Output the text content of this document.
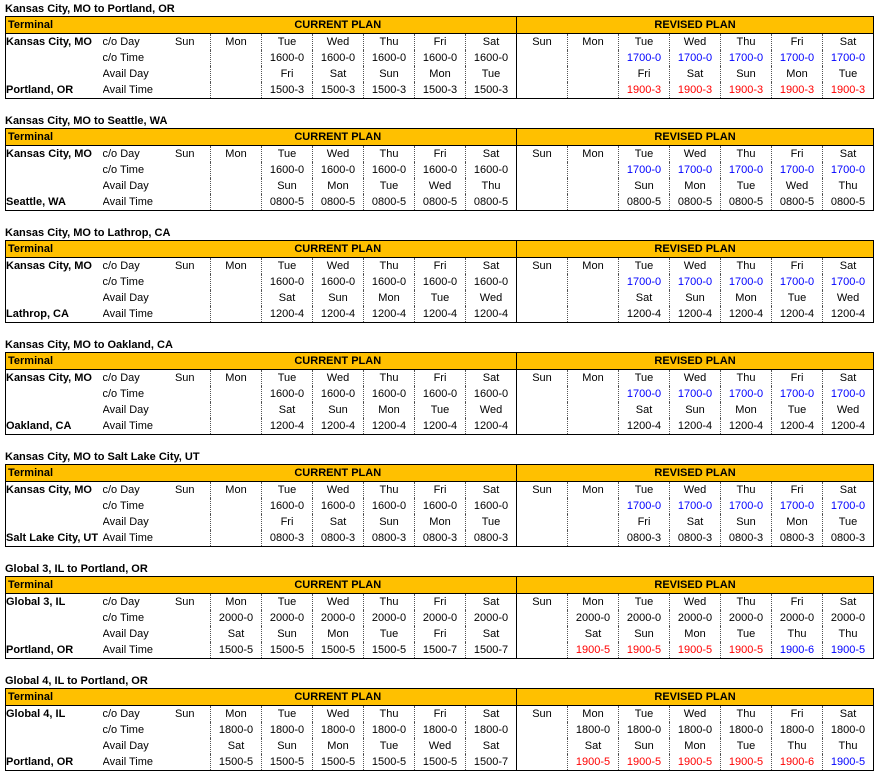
Kansas City, MO to Portland, OR
Terminal		CURRENT PLAN							REVISED PLAN						
Kansas City, MO	c/o Day	Sun	Mon	Tue	Wed	Thu	Fri	Sat	Sun	Mon	Tue	Wed	Thu	Fri	Sat
	c/o Time			1600-0	1600-0	1600-0	1600-0	1600-0			1700-0	1700-0	1700-0	1700-0	1700-0
	Avail Day			Fri	Sat	Sun	Mon	Tue			Fri	Sat	Sun	Mon	Tue
Portland, OR	Avail Time			1500-3	1500-3	1500-3	1500-3	1500-3			1900-3	1900-3	1900-3	1900-3	1900-3
Kansas City, MO to Seattle, WA
Terminal		CURRENT PLAN							REVISED PLAN						
Kansas City, MO	c/o Day	Sun	Mon	Tue	Wed	Thu	Fri	Sat	Sun	Mon	Tue	Wed	Thu	Fri	Sat
	c/o Time			1600-0	1600-0	1600-0	1600-0	1600-0			1700-0	1700-0	1700-0	1700-0	1700-0
	Avail Day			Sun	Mon	Tue	Wed	Thu			Sun	Mon	Tue	Wed	Thu
Seattle, WA	Avail Time			0800-5	0800-5	0800-5	0800-5	0800-5			0800-5	0800-5	0800-5	0800-5	0800-5
Kansas City, MO to Lathrop, CA
Terminal		CURRENT PLAN							REVISED PLAN						
Kansas City, MO	c/o Day	Sun	Mon	Tue	Wed	Thu	Fri	Sat	Sun	Mon	Tue	Wed	Thu	Fri	Sat
	c/o Time			1600-0	1600-0	1600-0	1600-0	1600-0			1700-0	1700-0	1700-0	1700-0	1700-0
	Avail Day			Sat	Sun	Mon	Tue	Wed			Sat	Sun	Mon	Tue	Wed
Lathrop, CA	Avail Time			1200-4	1200-4	1200-4	1200-4	1200-4			1200-4	1200-4	1200-4	1200-4	1200-4
Kansas City, MO to Oakland, CA
Terminal		CURRENT PLAN							REVISED PLAN						
Kansas City, MO	c/o Day	Sun	Mon	Tue	Wed	Thu	Fri	Sat	Sun	Mon	Tue	Wed	Thu	Fri	Sat
	c/o Time			1600-0	1600-0	1600-0	1600-0	1600-0			1700-0	1700-0	1700-0	1700-0	1700-0
	Avail Day			Sat	Sun	Mon	Tue	Wed			Sat	Sun	Mon	Tue	Wed
Oakland, CA	Avail Time			1200-4	1200-4	1200-4	1200-4	1200-4			1200-4	1200-4	1200-4	1200-4	1200-4
Kansas City, MO to Salt Lake City, UT
Terminal		CURRENT PLAN							REVISED PLAN						
Kansas City, MO	c/o Day	Sun	Mon	Tue	Wed	Thu	Fri	Sat	Sun	Mon	Tue	Wed	Thu	Fri	Sat
	c/o Time			1600-0	1600-0	1600-0	1600-0	1600-0			1700-0	1700-0	1700-0	1700-0	1700-0
	Avail Day			Fri	Sat	Sun	Mon	Tue			Fri	Sat	Sun	Mon	Tue
Salt Lake City, UT	Avail Time			0800-3	0800-3	0800-3	0800-3	0800-3			0800-3	0800-3	0800-3	0800-3	0800-3
Global 3, IL to Portland, OR
Terminal		CURRENT PLAN							REVISED PLAN						
Global 3, IL	c/o Day	Sun	Mon	Tue	Wed	Thu	Fri	Sat	Sun	Mon	Tue	Wed	Thu	Fri	Sat
	c/o Time		2000-0	2000-0	2000-0	2000-0	2000-0	2000-0		2000-0	2000-0	2000-0	2000-0	2000-0	2000-0
	Avail Day		Sat	Sun	Mon	Tue	Fri	Sat		Sat	Sun	Mon	Tue	Thu	Thu
Portland, OR	Avail Time		1500-5	1500-5	1500-5	1500-5	1500-7	1500-7		1900-5	1900-5	1900-5	1900-5	1900-6	1900-5
Global 4, IL to Portland, OR
Terminal		CURRENT PLAN							REVISED PLAN						
Global 4, IL	c/o Day	Sun	Mon	Tue	Wed	Thu	Fri	Sat	Sun	Mon	Tue	Wed	Thu	Fri	Sat
	c/o Time		1800-0	1800-0	1800-0	1800-0	1800-0	1800-0		1800-0	1800-0	1800-0	1800-0	1800-0	1800-0
	Avail Day		Sat	Sun	Mon	Tue	Wed	Sat		Sat	Sun	Mon	Tue	Thu	Thu
Portland, OR	Avail Time		1500-5	1500-5	1500-5	1500-5	1500-5	1500-7		1900-5	1900-5	1900-5	1900-5	1900-6	1900-5
